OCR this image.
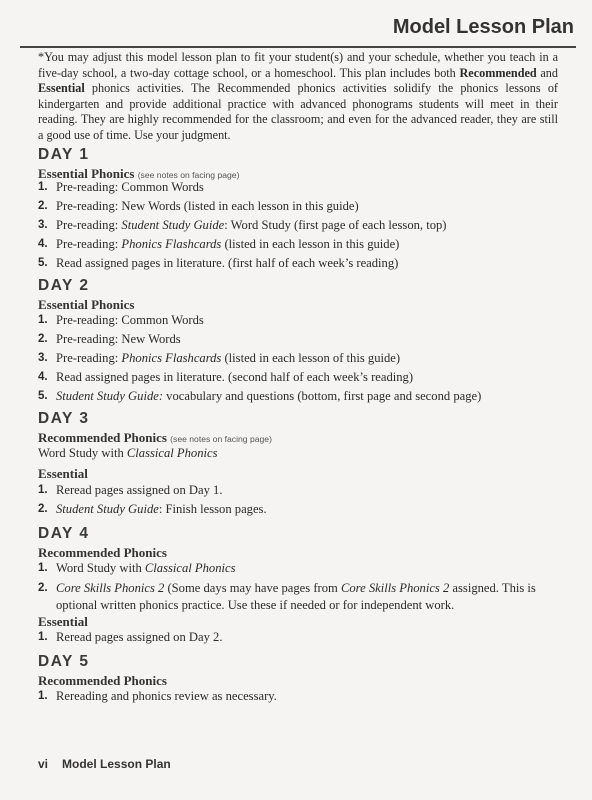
Model Lesson Plan
*You may adjust this model lesson plan to fit your student(s) and your schedule, whether you teach in a five-day school, a two-day cottage school, or a homeschool. This plan includes both Recommended and Essential phonics activities. The Recommended phonics activities solidify the phonics lessons of kindergarten and provide additional practice with advanced phonograms students will meet in their reading. They are highly recommended for the classroom; and even for the advanced reader, they are still a good use of time. Use your judgment.
DAY 1
Essential Phonics (see notes on facing page)
1. Pre-reading: Common Words
2. Pre-reading: New Words (listed in each lesson in this guide)
3. Pre-reading: Student Study Guide: Word Study (first page of each lesson, top)
4. Pre-reading: Phonics Flashcards (listed in each lesson in this guide)
5. Read assigned pages in literature. (first half of each week’s reading)
DAY 2
Essential Phonics
1. Pre-reading: Common Words
2. Pre-reading: New Words
3. Pre-reading: Phonics Flashcards (listed in each lesson of this guide)
4. Read assigned pages in literature. (second half of each week’s reading)
5. Student Study Guide: vocabulary and questions (bottom, first page and second page)
DAY 3
Recommended Phonics (see notes on facing page)
Word Study with Classical Phonics
Essential
1. Reread pages assigned on Day 1.
2. Student Study Guide: Finish lesson pages.
DAY 4
Recommended Phonics
1. Word Study with Classical Phonics
2. Core Skills Phonics 2 (Some days may have pages from Core Skills Phonics 2 assigned. This is optional written phonics practice. Use these if needed or for independent work.
Essential
1. Reread pages assigned on Day 2.
DAY 5
Recommended Phonics
1. Rereading and phonics review as necessary.
vi Model Lesson Plan
